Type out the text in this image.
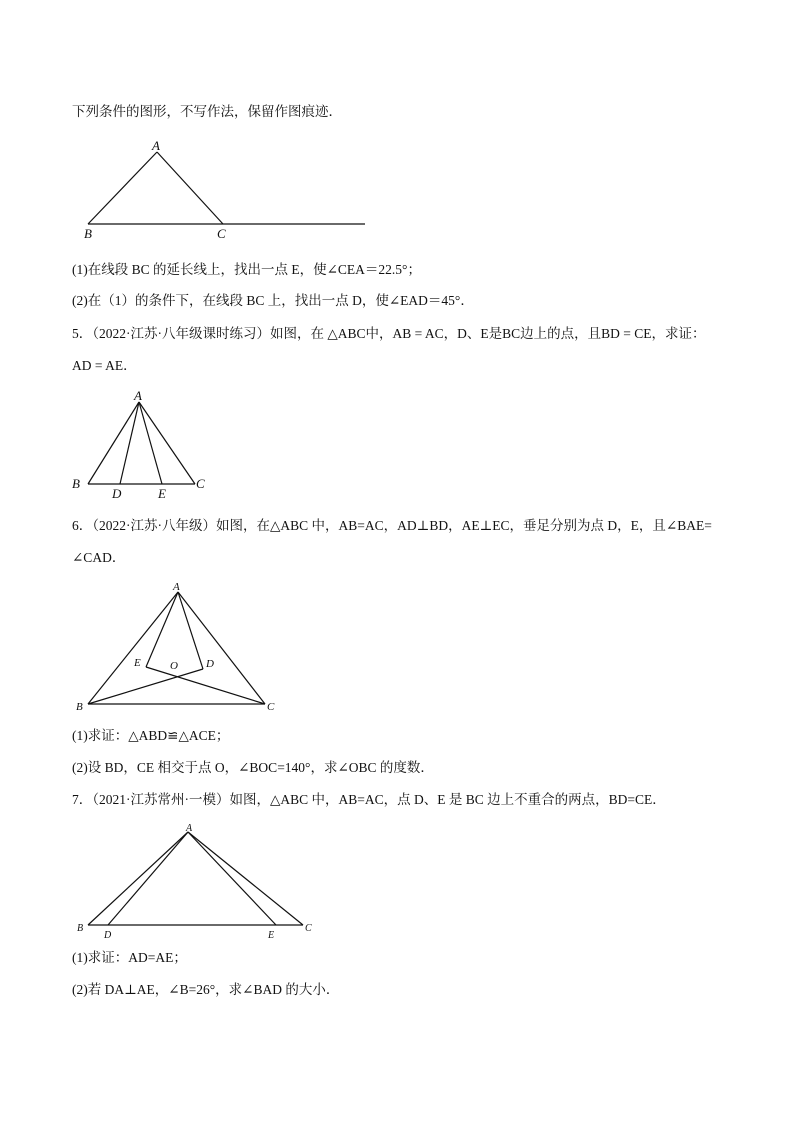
下列条件的图形，不写作法，保留作图痕迹．
A
B	C
A
B	C
D	E
A
B	C
D
E	O
A
B	C
D	E
(1)在线段 BC 的延长线上，找出一点 E，使∠CEA＝22.5°；
(2)在（1）的条件下，在线段 BC 上，找出一点 D，使∠EAD＝45°．
5．（2022·江苏·八年级课时练习）如图，在 △ABC中，AB = AC，D、E是BC边上的点，且BD = CE，求证：
AD = AE．
6．（2022·江苏·八年级）如图，在△ABC 中，AB=AC，AD⊥BD，AE⊥EC，垂足分别为点 D，E，且∠BAE=
∠CAD．
(1)求证：△ABD≌△ACE；
(2)设 BD，CE 相交于点 O，∠BOC=140°，求∠OBC 的度数．
7．（2021·江苏常州·一模）如图，△ABC 中，AB=AC，点 D、E 是 BC 边上不重合的两点，BD=CE．
(1)求证：AD=AE；
(2)若 DA⊥AE，∠B=26°，求∠BAD 的大小．
